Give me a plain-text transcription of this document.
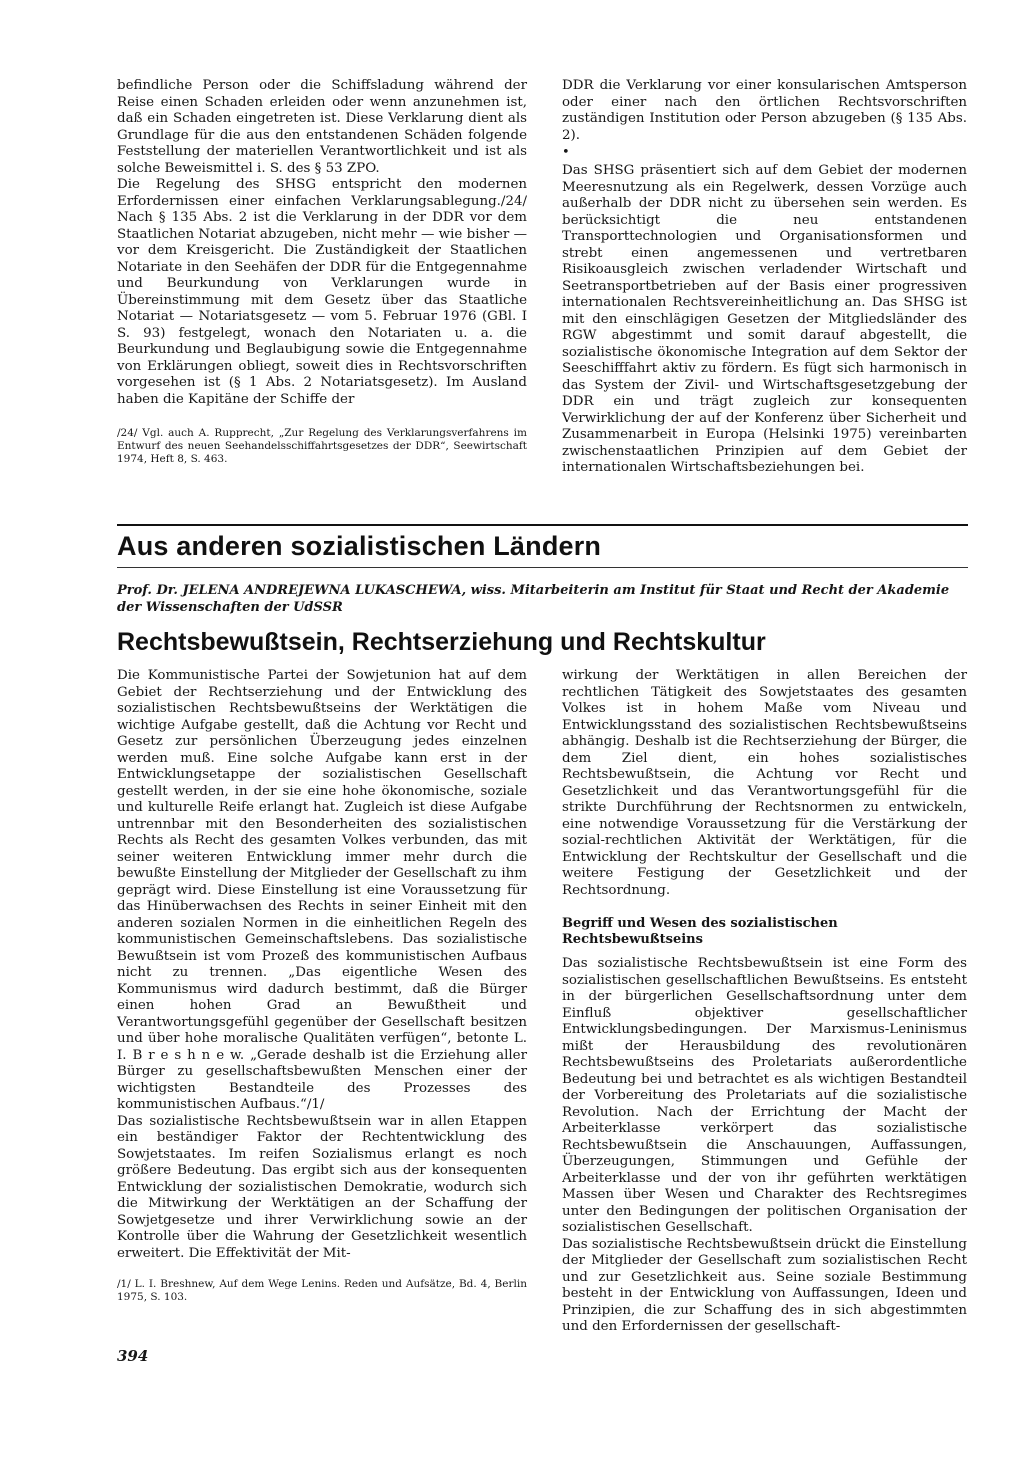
befindliche Person oder die Schiffsladung während der Reise einen Schaden erleiden oder wenn anzunehmen ist, daß ein Schaden eingetreten ist. Diese Verklarung dient als Grundlage für die aus den entstandenen Schäden folgende Feststellung der materiellen Verantwortlichkeit und ist als solche Beweismittel i. S. des § 53 ZPO.

Die Regelung des SHSG entspricht den modernen Erfordernissen einer einfachen Verklarungsablegung./24/ Nach § 135 Abs. 2 ist die Verklarung in der DDR vor dem Staatlichen Notariat abzugeben, nicht mehr — wie bisher — vor dem Kreisgericht. Die Zuständigkeit der Staatlichen Notariate in den Seehäfen der DDR für die Entgegennahme und Beurkundung von Verklarungen wurde in Übereinstimmung mit dem Gesetz über das Staatliche Notariat — Notariatsgesetz — vom 5. Februar 1976 (GBl. I S. 93) festgelegt, wonach den Notariaten u. a. die Beurkundung und Beglaubigung sowie die Entgegennahme von Erklärungen obliegt, soweit dies in Rechtsvorschriften vorgesehen ist (§ 1 Abs. 2 Notariatsgesetz). Im Ausland haben die Kapitäne der Schiffe der

/24/ Vgl. auch A. Rupprecht, „Zur Regelung des Verklarungsverfahrens im Entwurf des neuen Seehandelsschiffahrtsgesetzes der DDR“, Seewirtschaft 1974, Heft 8, S. 463.

DDR die Verklarung vor einer konsularischen Amtsperson oder einer nach den örtlichen Rechtsvorschriften zuständigen Institution oder Person abzugeben (§ 135 Abs. 2).

•

Das SHSG präsentiert sich auf dem Gebiet der modernen Meeresnutzung als ein Regelwerk, dessen Vorzüge auch außerhalb der DDR nicht zu übersehen sein werden. Es berücksichtigt die neu entstandenen Transporttechnologien und Organisationsformen und strebt einen angemessenen und vertretbaren Risikoausgleich zwischen verladender Wirtschaft und Seetransportbetrieben auf der Basis einer progressiven internationalen Rechtsvereinheitlichung an. Das SHSG ist mit den einschlägigen Gesetzen der Mitgliedsländer des RGW abgestimmt und somit darauf abgestellt, die sozialistische ökonomische Integration auf dem Sektor der Seeschifffahrt aktiv zu fördern. Es fügt sich harmonisch in das System der Zivil- und Wirtschaftsgesetzgebung der DDR ein und trägt zugleich zur konsequenten Verwirklichung der auf der Konferenz über Sicherheit und Zusammenarbeit in Europa (Helsinki 1975) vereinbarten zwischenstaatlichen Prinzipien auf dem Gebiet der internationalen Wirtschaftsbeziehungen bei.

Aus anderen sozialistischen Ländern

Prof. Dr. JELENA ANDREJEWNA LUKASCHEWA, wiss. Mitarbeiterin am Institut für Staat und Recht der Akademie der Wissenschaften der UdSSR

Rechtsbewußtsein, Rechtserziehung und Rechtskultur

Die Kommunistische Partei der Sowjetunion hat auf dem Gebiet der Rechtserziehung und der Entwicklung des sozialistischen Rechtsbewußtseins der Werktätigen die wichtige Aufgabe gestellt, daß die Achtung vor Recht und Gesetz zur persönlichen Überzeugung jedes einzelnen werden muß. Eine solche Aufgabe kann erst in der Entwicklungsetappe der sozialistischen Gesellschaft gestellt werden, in der sie eine hohe ökonomische, soziale und kulturelle Reife erlangt hat. Zugleich ist diese Aufgabe untrennbar mit den Besonderheiten des sozialistischen Rechts als Recht des gesamten Volkes verbunden, das mit seiner weiteren Entwicklung immer mehr durch die bewußte Einstellung der Mitglieder der Gesellschaft zu ihm geprägt wird. Diese Einstellung ist eine Voraussetzung für das Hinüberwachsen des Rechts in seiner Einheit mit den anderen sozialen Normen in die einheitlichen Regeln des kommunistischen Gemeinschaftslebens. Das sozialistische Bewußtsein ist vom Prozeß des kommunistischen Aufbaus nicht zu trennen. „Das eigentliche Wesen des Kommunismus wird dadurch bestimmt, daß die Bürger einen hohen Grad an Bewußtheit und Verantwortungsgefühl gegenüber der Gesellschaft besitzen und über hohe moralische Qualitäten verfügen“, betonte L. I. B r e s h n e w. „Gerade deshalb ist die Erziehung aller Bürger zu gesellschaftsbewußten Menschen einer der wichtigsten Bestandteile des Prozesses des kommunistischen Aufbaus.“/1/

Das sozialistische Rechtsbewußtsein war in allen Etappen ein beständiger Faktor der Rechtentwicklung des Sowjetstaates. Im reifen Sozialismus erlangt es noch größere Bedeutung. Das ergibt sich aus der konsequenten Entwicklung der sozialistischen Demokratie, wodurch sich die Mitwirkung der Werktätigen an der Schaffung der Sowjetgesetze und ihrer Verwirklichung sowie an der Kontrolle über die Wahrung der Gesetzlichkeit wesentlich erweitert. Die Effektivität der Mit-

/1/ L. I. Breshnew, Auf dem Wege Lenins. Reden und Aufsätze, Bd. 4, Berlin 1975, S. 103.

wirkung der Werktätigen in allen Bereichen der rechtlichen Tätigkeit des Sowjetstaates des gesamten Volkes ist in hohem Maße vom Niveau und Entwicklungsstand des sozialistischen Rechtsbewußtseins abhängig. Deshalb ist die Rechtserziehung der Bürger, die dem Ziel dient, ein hohes sozialistisches Rechtsbewußtsein, die Achtung vor Recht und Gesetzlichkeit und das Verantwortungsgefühl für die strikte Durchführung der Rechtsnormen zu entwickeln, eine notwendige Voraussetzung für die Verstärkung der sozial-rechtlichen Aktivität der Werktätigen, für die Entwicklung der Rechtskultur der Gesellschaft und die weitere Festigung der Gesetzlichkeit und der Rechtsordnung.

Begriff und Wesen des sozialistischen Rechtsbewußtseins

Das sozialistische Rechtsbewußtsein ist eine Form des sozialistischen gesellschaftlichen Bewußtseins. Es entsteht in der bürgerlichen Gesellschaftsordnung unter dem Einfluß objektiver gesellschaftlicher Entwicklungsbedingungen. Der Marxismus-Leninismus mißt der Herausbildung des revolutionären Rechtsbewußtseins des Proletariats außerordentliche Bedeutung bei und betrachtet es als wichtigen Bestandteil der Vorbereitung des Proletariats auf die sozialistische Revolution. Nach der Errichtung der Macht der Arbeiterklasse verkörpert das sozialistische Rechtsbewußtsein die Anschauungen, Auffassungen, Überzeugungen, Stimmungen und Gefühle der Arbeiterklasse und der von ihr geführten werktätigen Massen über Wesen und Charakter des Rechtsregimes unter den Bedingungen der politischen Organisation der sozialistischen Gesellschaft.

Das sozialistische Rechtsbewußtsein drückt die Einstellung der Mitglieder der Gesellschaft zum sozialistischen Recht und zur Gesetzlichkeit aus. Seine soziale Bestimmung besteht in der Entwicklung von Auffassungen, Ideen und Prinzipien, die zur Schaffung des in sich abgestimmten und den Erfordernissen der gesellschaft-

394
